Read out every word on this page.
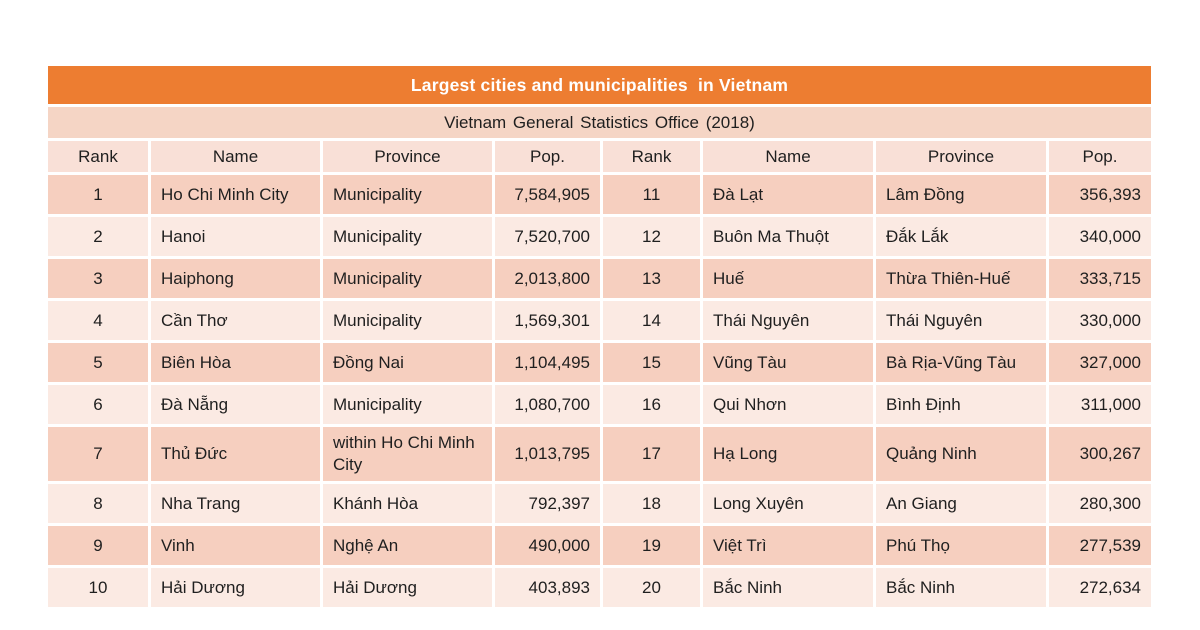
Largest cities and municipalities  in Vietnam							
Vietnam General Statistics Office (2018)							
Rank	Name	Province	Pop.	Rank	Name	Province	Pop.
1	Ho Chi Minh City	Municipality	7,584,905	11	Đà Lạt	Lâm Đồng	356,393
2	Hanoi	Municipality	7,520,700	12	Buôn Ma Thuột	Đắk Lắk	340,000
3	Haiphong	Municipality	2,013,800	13	Huế	Thừa Thiên-Huế	333,715
4	Cần Thơ	Municipality	1,569,301	14	Thái Nguyên	Thái Nguyên	330,000
5	Biên Hòa	Đồng Nai	1,104,495	15	Vũng Tàu	Bà Rịa-Vũng Tàu	327,000
6	Đà Nẵng	Municipality	1,080,700	16	Qui Nhơn	Bình Định	311,000
7	Thủ Đức	within Ho Chi Minh City	1,013,795	17	Hạ Long	Quảng Ninh	300,267
8	Nha Trang	Khánh Hòa	792,397	18	Long Xuyên	An Giang	280,300
9	Vinh	Nghệ An	490,000	19	Việt Trì	Phú Thọ	277,539
10	Hải Dương	Hải Dương	403,893	20	Bắc Ninh	Bắc Ninh	272,634
